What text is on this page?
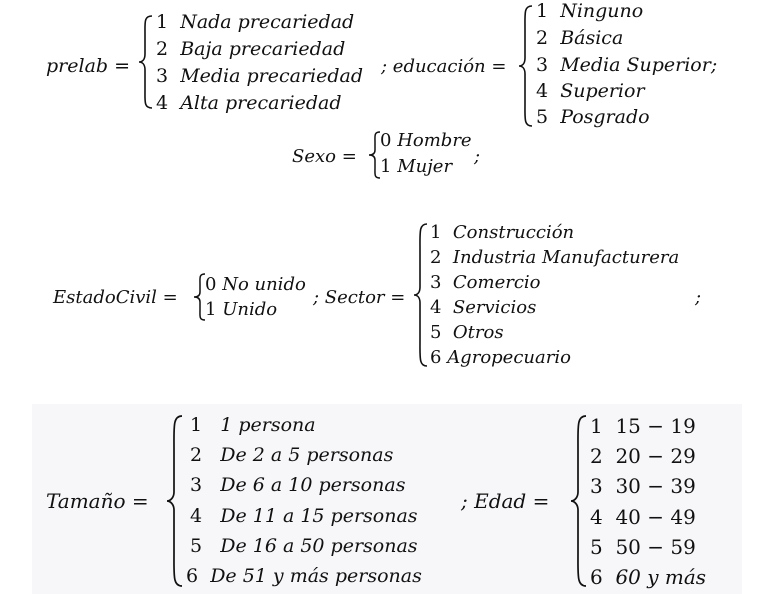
prelab =
1 Nada precariedad
2 Baja precariedad
3 Media precariedad
4 Alta precariedad
; educación =
1 Ninguno
2 Básica
3 Media Superior;
4 Superior
5 Posgrado
Sexo =
0 Hombre
1 Mujer ;
EstadoCivil =
0 No unido
1 Unido
; Sector =
1 Construcción
2 Industria Manufacturera
3 Comercio
4 Servicios
5 Otros
6 Agropecuario
;
Tamaño =
1 1 persona
2 De 2 a 5 personas
3 De 6 a 10 personas
4 De 11 a 15 personas
5 De 16 a 50 personas
6 De 51 y más personas
; Edad =
1 15 − 19
2 20 − 29
3 30 − 39
4 40 − 49
5 50 − 59
6 60 y más
